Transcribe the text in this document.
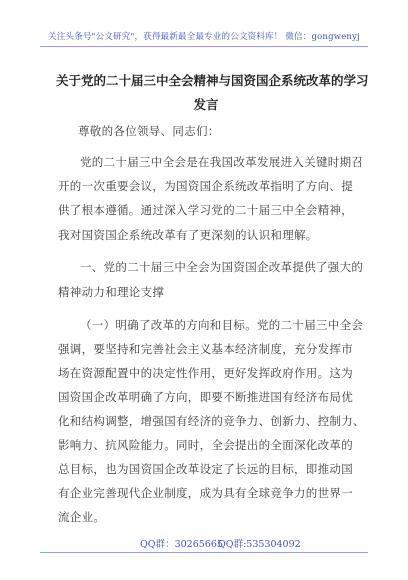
关注头条号"公文研究"，获得最新最全最专业的公文资料库！ 微信：gongwenyj
关于党的二十届三中全会精神与国资国企系统改革的学习
发言
尊敬的各位领导、同志们：
党的二十届三中全会是在我国改革发展进入关键时期召
开的一次重要会议，为国资国企系统改革指明了方向、提
供了根本遵循。通过深入学习党的二十届三中全会精神，
我对国资国企系统改革有了更深刻的认识和理解。
一、党的二十届三中全会为国资国企改革提供了强大的
精神动力和理论支撑
（一）明确了改革的方向和目标。党的二十届三中全会
强调，要坚持和完善社会主义基本经济制度，充分发挥市
场在资源配置中的决定性作用，更好发挥政府作用。这为
国资国企改革明确了方向，即要不断推进国有经济布局优
化和结构调整，增强国有经济的竞争力、创新力、控制力、
影响力、抗风险能力。同时，全会提出的全面深化改革的
总目标，也为国资国企改革设定了长远的目标，即推动国
有企业完善现代企业制度，成为具有全球竞争力的世界一
流企业。
QQ群：30265665
QQ群:535304092
